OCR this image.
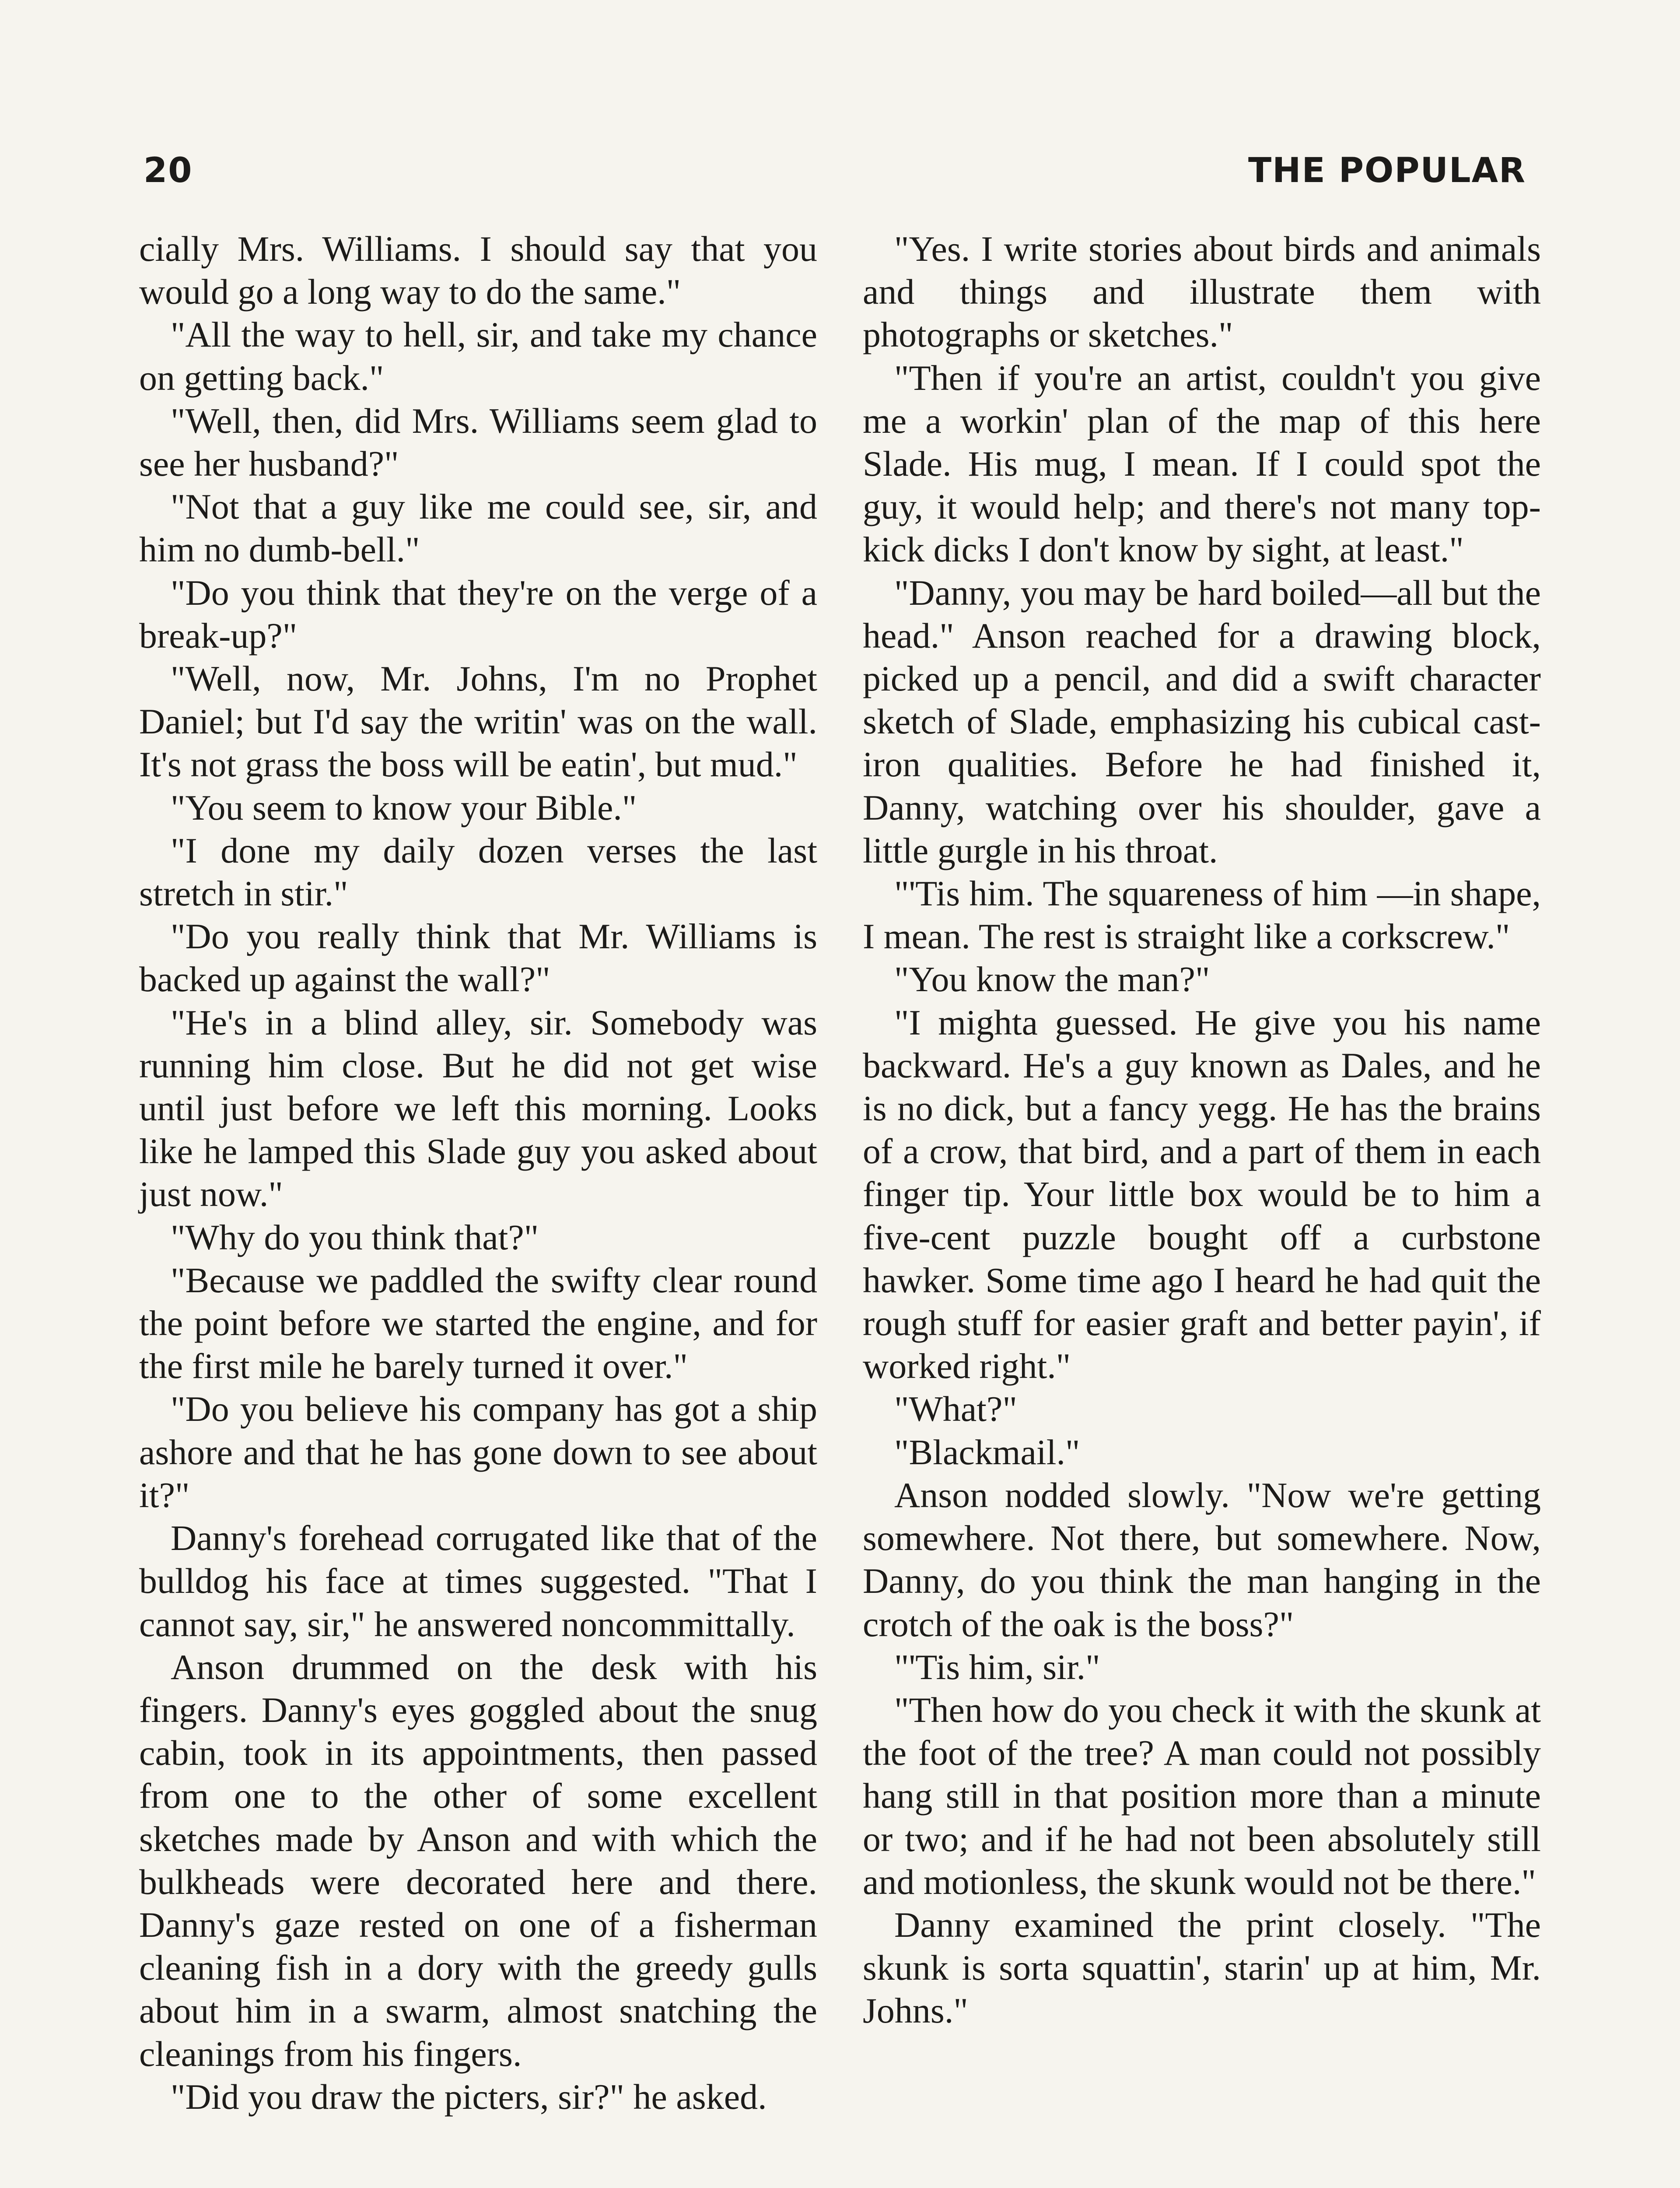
20	THE POPULAR

cially Mrs. Williams. I should say that you would go a long way to do the same."

"All the way to hell, sir, and take my chance on getting back."

"Well, then, did Mrs. Williams seem glad to see her husband?"

"Not that a guy like me could see, sir, and him no dumb-bell."

"Do you think that they're on the verge of a break-up?"

"Well, now, Mr. Johns, I'm no Prophet Daniel; but I'd say the writin' was on the wall. It's not grass the boss will be eatin', but mud."

"You seem to know your Bible."

"I done my daily dozen verses the last stretch in stir."

"Do you really think that Mr. Williams is backed up against the wall?"

"He's in a blind alley, sir. Somebody was running him close. But he did not get wise until just before we left this morning. Looks like he lamped this Slade guy you asked about just now."

"Why do you think that?"

"Because we paddled the swifty clear round the point before we started the engine, and for the first mile he barely turned it over."

"Do you believe his company has got a ship ashore and that he has gone down to see about it?"

Danny's forehead corrugated like that of the bulldog his face at times suggested. "That I cannot say, sir," he answered noncommittally.

Anson drummed on the desk with his fingers. Danny's eyes goggled about the snug cabin, took in its appointments, then passed from one to the other of some excellent sketches made by Anson and with which the bulkheads were decorated here and there. Danny's gaze rested on one of a fisherman cleaning fish in a dory with the greedy gulls about him in a swarm, almost snatching the cleanings from his fingers.

"Did you draw the picters, sir?" he asked.

"Yes. I write stories about birds and animals and things and illustrate them with photographs or sketches."

"Then if you're an artist, couldn't you give me a workin' plan of the map of this here Slade. His mug, I mean. If I could spot the guy, it would help; and there's not many top-kick dicks I don't know by sight, at least."

"Danny, you may be hard boiled—all but the head." Anson reached for a drawing block, picked up a pencil, and did a swift character sketch of Slade, emphasizing his cubical cast-iron qualities. Before he had finished it, Danny, watching over his shoulder, gave a little gurgle in his throat.

"'Tis him. The squareness of him —in shape, I mean. The rest is straight like a corkscrew."

"You know the man?"

"I mighta guessed. He give you his name backward. He's a guy known as Dales, and he is no dick, but a fancy yegg. He has the brains of a crow, that bird, and a part of them in each finger tip. Your little box would be to him a five-cent puzzle bought off a curbstone hawker. Some time ago I heard he had quit the rough stuff for easier graft and better payin', if worked right."

"What?"

"Blackmail."

Anson nodded slowly. "Now we're getting somewhere. Not there, but somewhere. Now, Danny, do you think the man hanging in the crotch of the oak is the boss?"

"'Tis him, sir."

"Then how do you check it with the skunk at the foot of the tree? A man could not possibly hang still in that position more than a minute or two; and if he had not been absolutely still and motionless, the skunk would not be there."

Danny examined the print closely. "The skunk is sorta squattin', starin' up at him, Mr. Johns."
